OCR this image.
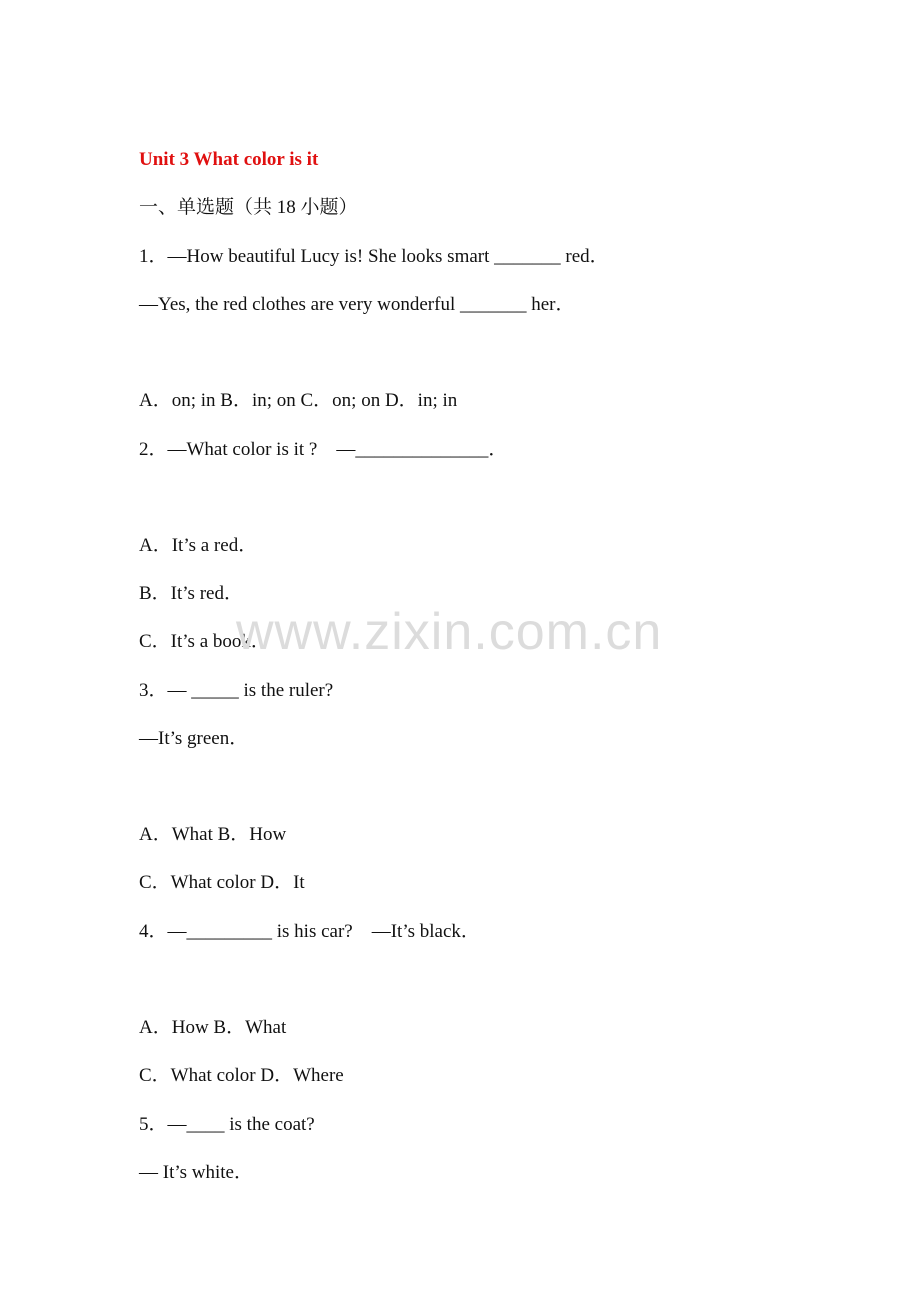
Unit 3 What color is it
一、单选题（共 18 小题）
1．—How beautiful Lucy is! She looks smart _______ red．
—Yes, the red clothes are very wonderful _______ her．
A．on; in B．in; on C．on; on D．in; in
2．—What color is it ?　—______________．
A．It’s a red．
B．It’s red．
C．It’s a book．
3．— _____ is the ruler?
—It’s green．
A．What B．How
C．What color D．It
4．—_________ is his car?　—It’s black．
A．How B．What
C．What color D．Where
5．—____ is the coat?
— It’s white．
www.zixin.com.cn
